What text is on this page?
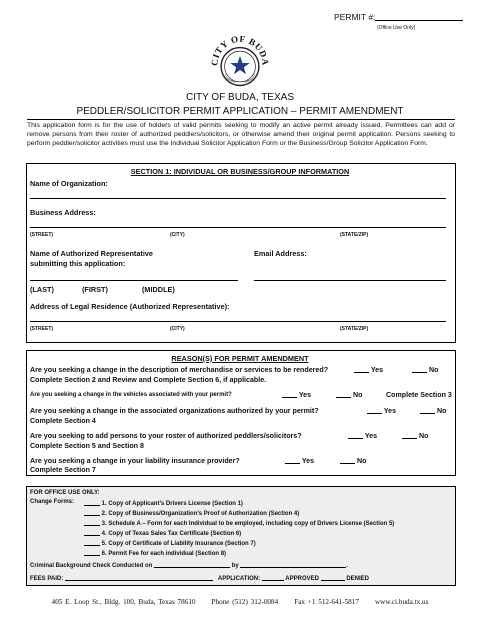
PERMIT #:
(Office Use Only)
CITY OF BUDA
CITY OF BUDA, TEXAS
PEDDLER/SOLICITOR PERMIT APPLICATION – PERMIT AMENDMENT
This application form is for the use of holders of valid permits seeking to modify an active permit already issued. Permittees can add or remove persons from their roster of authorized peddlers/solicitors, or otherwise amend their original permit application. Persons seeking to perform peddler/solicitor activities must use the Individual Solicitor Application Form or the Business/Group Solicitor Application Form.
SECTION 1: INDIVIDUAL OR BUSINESS/GROUP INFORMATION
Name of Organization:
Business Address:
(STREET)	(CITY)	(STATE/ZIP)
Name of Authorized Representative
submitting this application:
Email Address:
(LAST)	(FIRST)	(MIDDLE)
Address of Legal Residence (Authorized Representative):
(STREET)	(CITY)	(STATE/ZIP)
REASON(S) FOR PERMIT AMENDMENT
Are you seeking a change in the description of merchandise or services to be rendered?	Yes	No
Complete Section 2 and Review and Complete Section 6, if applicable.
Are you seeking a change in the vehicles associated with your permit?	Yes	No	Complete Section 3
Are you seeking a change in the associated organizations authorized by your permit?	Yes	No
Complete Section 4
Are you seeking to add persons to your roster of authorized peddlers/solicitors?	Yes	No
Complete Section 5 and Section 8
Are you seeking a change in your liability insurance provider?	Yes	No
Complete Section 7
FOR OFFICE USE ONLY:
Change Forms:	1. Copy of Applicant’s Drivers License (Section 1)
2. Copy of Business/Organization’s Proof of Authorization (Section 4)
3. Schedule A – Form for each Individual to be employed, including copy of Drivers License (Section 5)
4. Copy of Texas Sales Tax Certificate (Section 6)
5. Copy of Certificate of Liability Insurance (Section 7)
6. Permit Fee for each individual (Section 8)
Criminal Background Check Conducted on	by	.
FEES PAID:	APPLICATION:	APPROVED	DENIED
405 E. Loop St., Bldg. 100, Buda, Texas 78610 Phone (512) 312-0084 Fax +1 512-641-5817 www.ci.buda.tx.us
